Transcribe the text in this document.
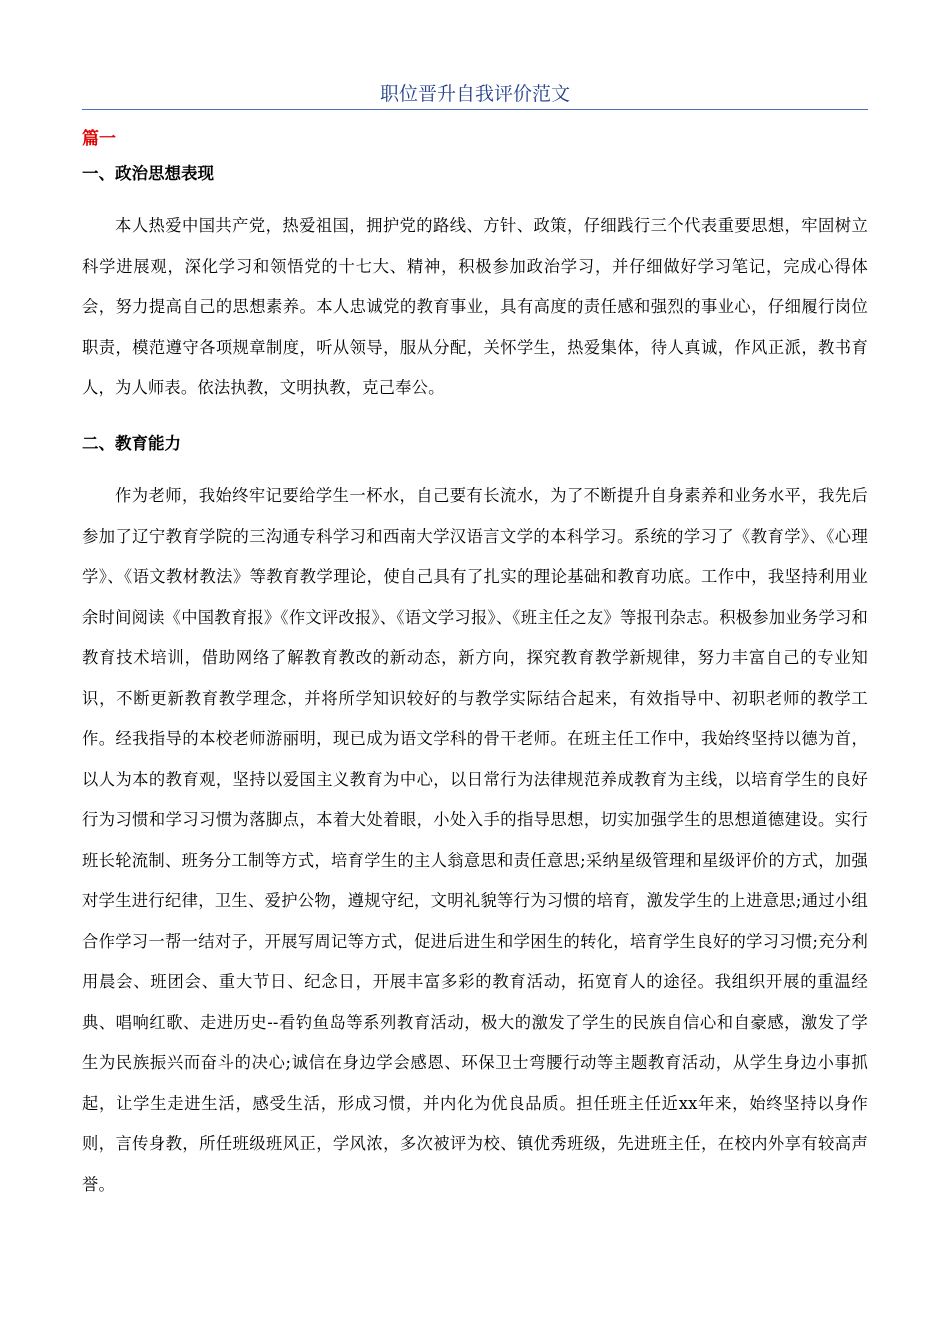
职位晋升自我评价范文
篇一
一、政治思想表现

本人热爱中国共产党，热爱祖国，拥护党的路线、方针、政策，仔细践行三个代表重要思想，牢固树立科学进展观，深化学习和领悟党的十七大、精神，积极参加政治学习，并仔细做好学习笔记，完成心得体会，努力提高自己的思想素养。本人忠诚党的教育事业，具有高度的责任感和强烈的事业心，仔细履行岗位职责，模范遵守各项规章制度，听从领导，服从分配，关怀学生，热爱集体，待人真诚，作风正派，教书育人，为人师表。依法执教，文明执教，克己奉公。

二、教育能力

作为老师，我始终牢记要给学生一杯水，自己要有长流水，为了不断提升自身素养和业务水平，我先后参加了辽宁教育学院的三沟通专科学习和西南大学汉语言文学的本科学习。系统的学习了《教育学》、《心理学》、《语文教材教法》等教育教学理论，使自己具有了扎实的理论基础和教育功底。工作中，我坚持利用业余时间阅读《中国教育报》《作文评改报》、《语文学习报》、《班主任之友》等报刊杂志。积极参加业务学习和教育技术培训，借助网络了解教育教改的新动态，新方向，探究教育教学新规律，努力丰富自己的专业知识，不断更新教育教学理念，并将所学知识较好的与教学实际结合起来，有效指导中、初职老师的教学工作。经我指导的本校老师游丽明，现已成为语文学科的骨干老师。在班主任工作中，我始终坚持以德为首，以人为本的教育观，坚持以爱国主义教育为中心，以日常行为法律规范养成教育为主线，以培育学生的良好行为习惯和学习习惯为落脚点，本着大处着眼，小处入手的指导思想，切实加强学生的思想道德建设。实行班长轮流制、班务分工制等方式，培育学生的主人翁意思和责任意思;采纳星级管理和星级评价的方式，加强对学生进行纪律，卫生、爱护公物，遵规守纪，文明礼貌等行为习惯的培育，激发学生的上进意思;通过小组合作学习一帮一结对子，开展写周记等方式，促进后进生和学困生的转化，培育学生良好的学习习惯;充分利用晨会、班团会、重大节日、纪念日，开展丰富多彩的教育活动，拓宽育人的途径。我组织开展的重温经典、唱响红歌、走进历史--看钓鱼岛等系列教育活动，极大的激发了学生的民族自信心和自豪感，激发了学生为民族振兴而奋斗的决心;诚信在身边学会感恩、环保卫士弯腰行动等主题教育活动，从学生身边小事抓起，让学生走进生活，感受生活，形成习惯，并内化为优良品质。担任班主任近xx年来，始终坚持以身作则，言传身教，所任班级班风正，学风浓，多次被评为校、镇优秀班级，先进班主任，在校内外享有较高声誉。
